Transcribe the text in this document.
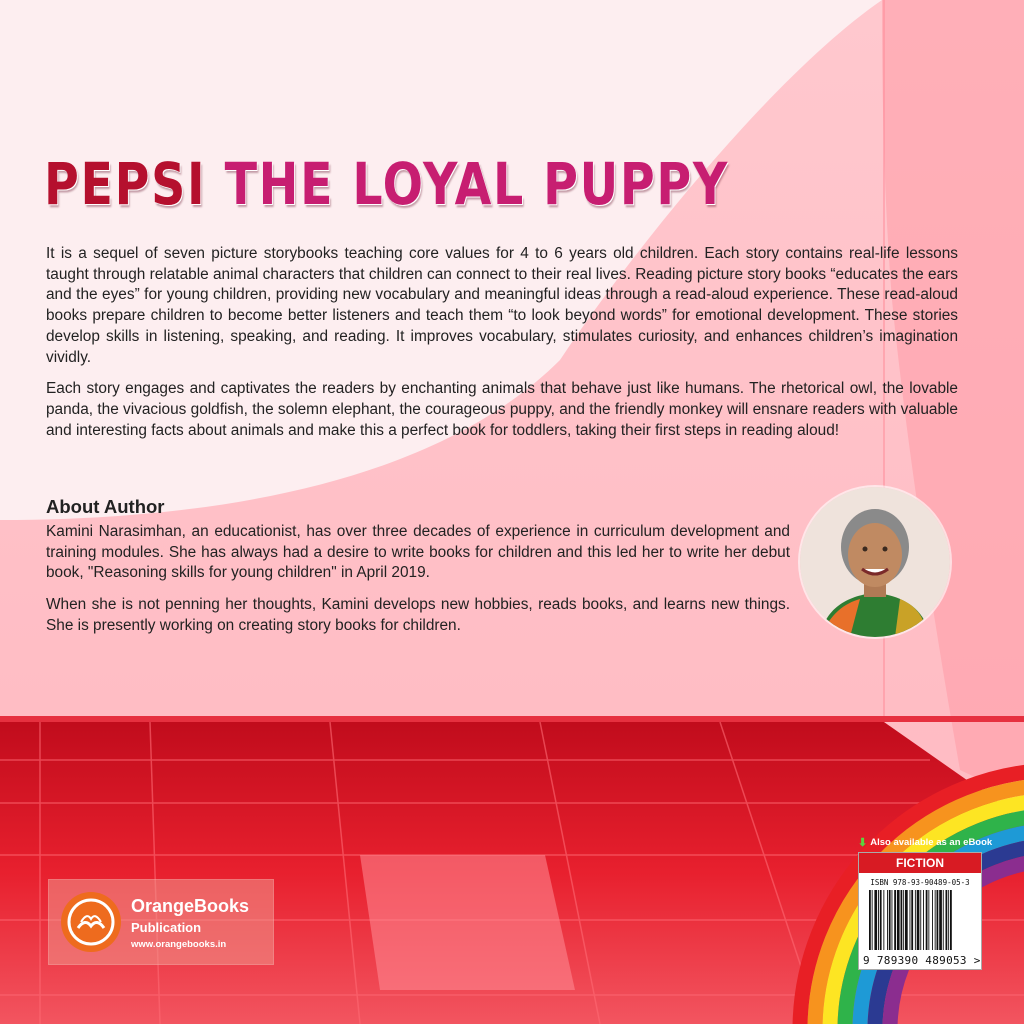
PEPSI THE LOYAL PUPPY

It is a sequel of seven picture storybooks teaching core values for 4 to 6 years old children. Each story contains real-life lessons taught through relatable animal characters that children can connect to their real lives. Reading picture story books “educates the ears and the eyes” for young children, providing new vocabulary and meaningful ideas through a read-aloud experience. These read-aloud books prepare children to become better listeners and teach them “to look beyond words” for emotional development. These stories develop skills in listening, speaking, and reading. It improves vocabulary, stimulates curiosity, and enhances children’s imagination vividly.

Each story engages and captivates the readers by enchanting animals that behave just like humans. The rhetorical owl, the lovable panda, the vivacious goldfish, the solemn elephant, the courageous puppy, and the friendly monkey will ensnare readers with valuable and interesting facts about animals and make this a perfect book for toddlers, taking their first steps in reading aloud!

About Author

Kamini Narasimhan, an educationist, has over three decades of experience in curriculum development and training modules. She has always had a desire to write books for children and this led her to write her debut book, "Reasoning skills for young children" in April 2019.

When she is not penning her thoughts, Kamini develops new hobbies, reads books, and learns new things. She is presently working on creating story books for children.

OrangeBooks
Publication
www.orangebooks.in
⬇ Also available as an eBook
FICTION
ISBN 978-93-90489-05-3
9 789390 489053 >
